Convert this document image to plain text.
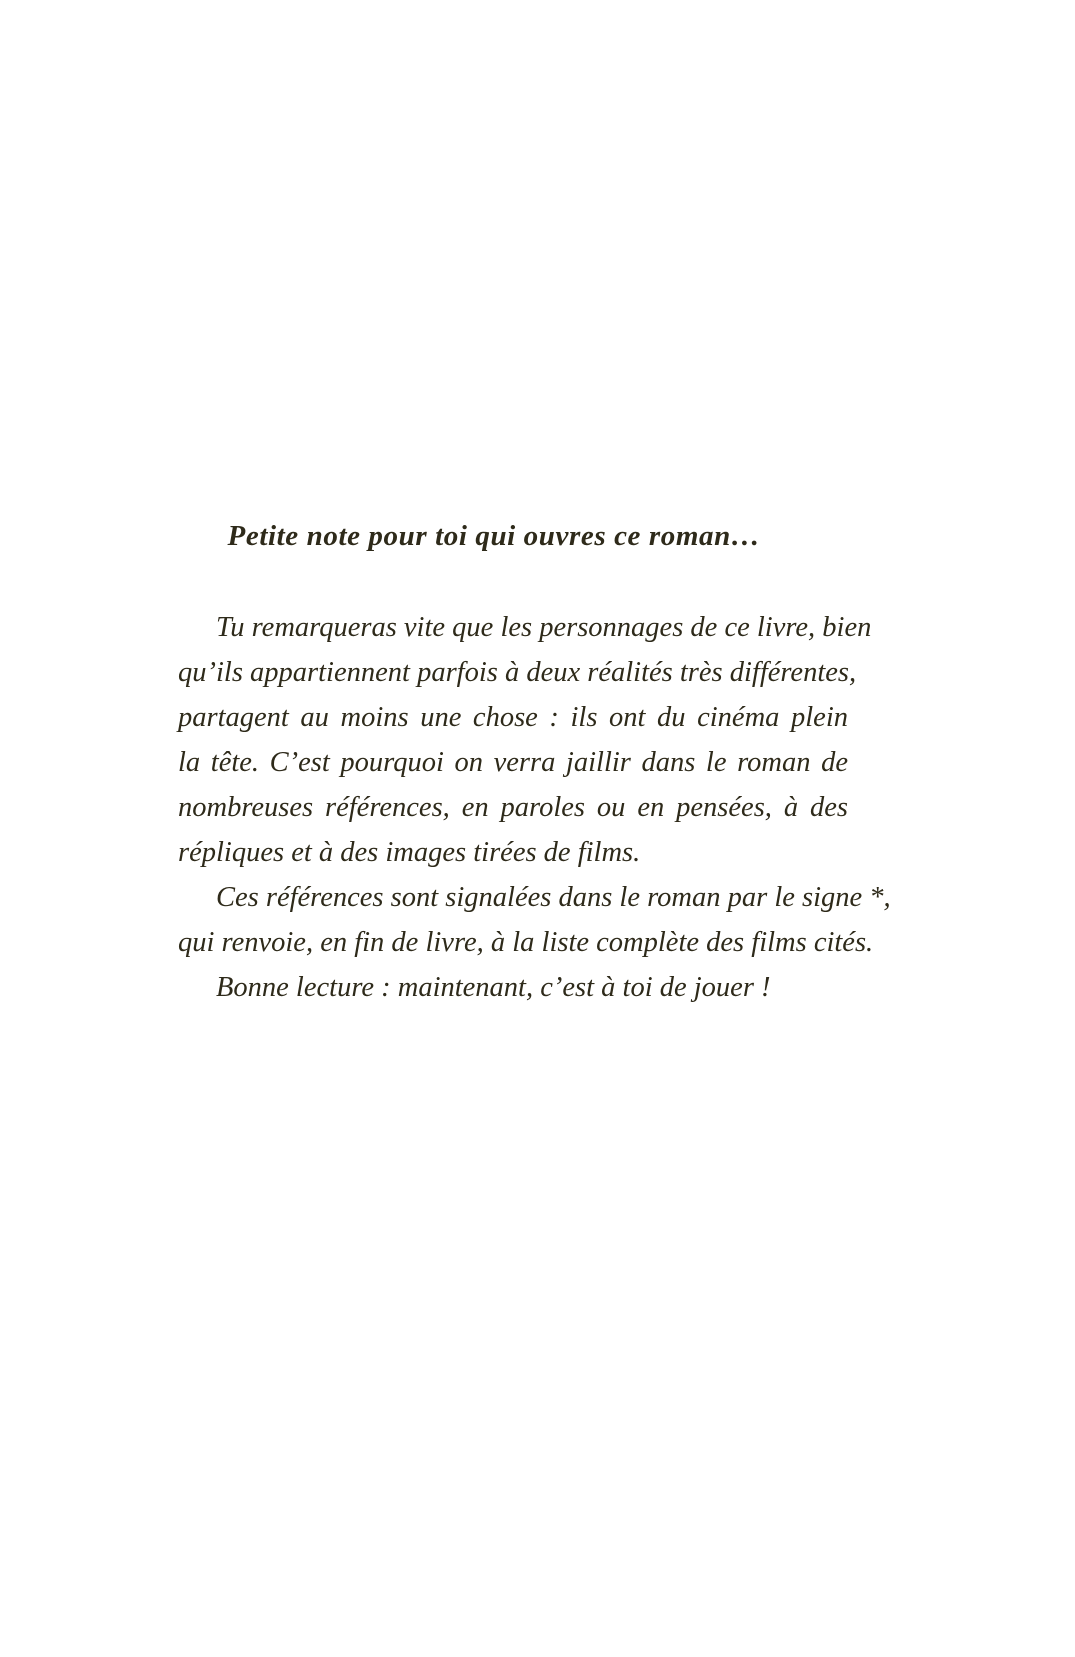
Petite note pour toi qui ouvres ce roman…
Tu remarqueras vite que les personnages de ce livre, bien
qu’ils appartiennent parfois à deux réalités très différentes,
partagent au moins une chose : ils ont du cinéma plein
la tête. C’est pourquoi on verra jaillir dans le roman de
nombreuses références, en paroles ou en pensées, à des
répliques et à des images tirées de films.
Ces références sont signalées dans le roman par le signe *,
qui renvoie, en fin de livre, à la liste complète des films cités.
Bonne lecture : maintenant, c’est à toi de jouer !
